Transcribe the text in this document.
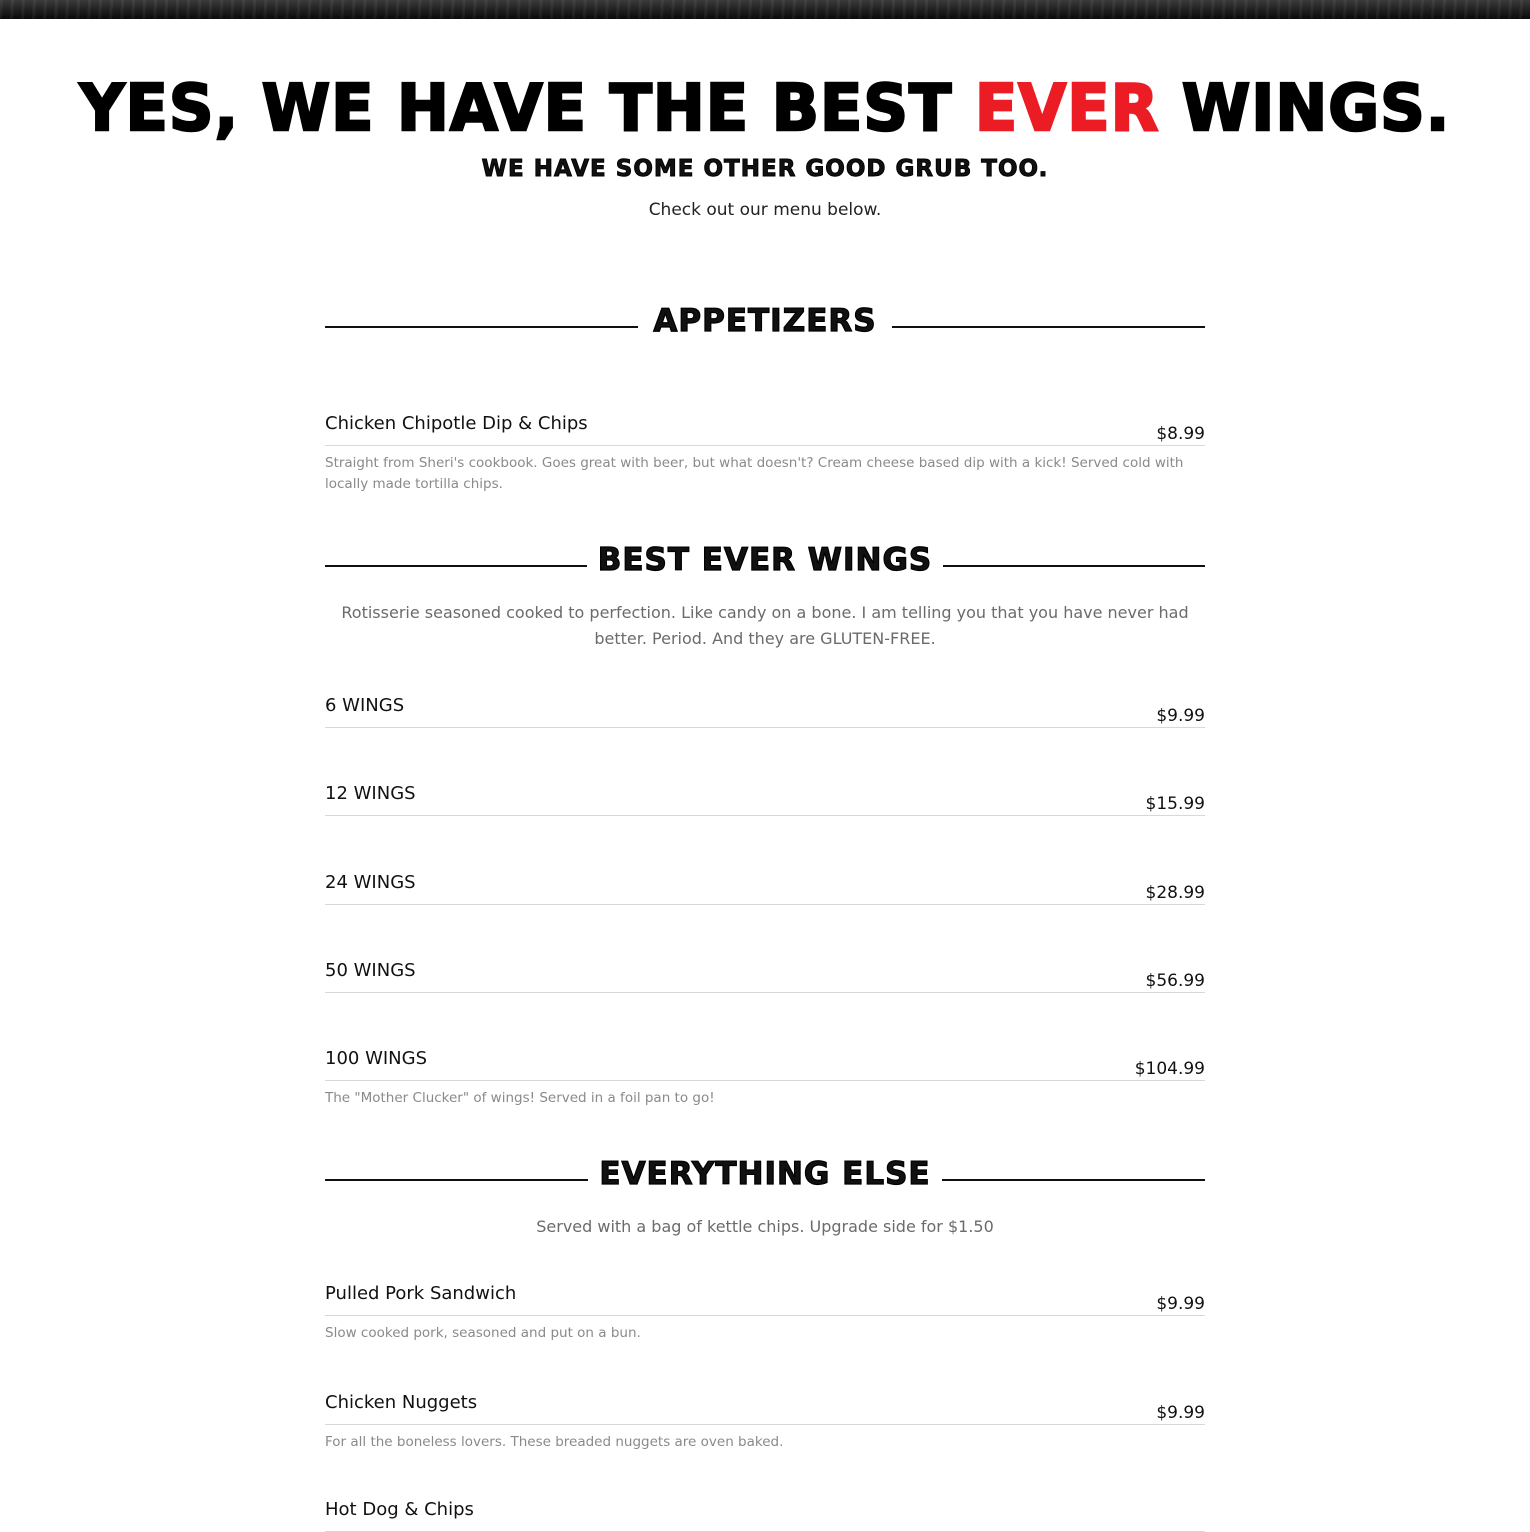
YES, WE HAVE THE BEST EVER WINGS.

WE HAVE SOME OTHER GOOD GRUB TOO.

Check out our menu below.

APPETIZERS
Chicken Chipotle Dip & Chips	$8.99

Straight from Sheri's cookbook. Goes great with beer, but what doesn't? Cream cheese based dip with a kick! Served cold with locally made tortilla chips.

BEST EVER WINGS

Rotisserie seasoned cooked to perfection. Like candy on a bone. I am telling you that you have never had better. Period. And they are GLUTEN-FREE.

6 WINGS	$9.99
12 WINGS	$15.99
24 WINGS	$28.99
50 WINGS	$56.99
100 WINGS	$104.99

The "Mother Clucker" of wings! Served in a foil pan to go!

EVERYTHING ELSE

Served with a bag of kettle chips. Upgrade side for $1.50

Pulled Pork Sandwich	$9.99

Slow cooked pork, seasoned and put on a bun.

Chicken Nuggets	$9.99

For all the boneless lovers. These breaded nuggets are oven baked.

Hot Dog & Chips
